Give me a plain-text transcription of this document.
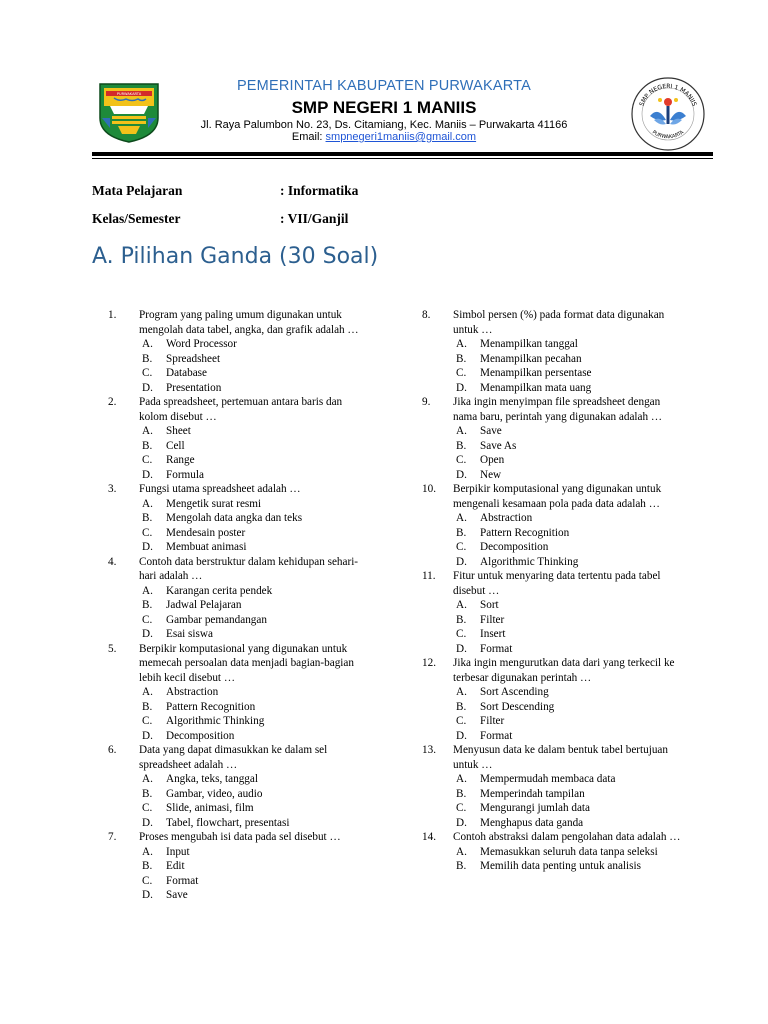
PURWAKARTA	PEMERINTAH KABUPATEN PURWAKARTA
SMP NEGERI 1 MANIIS
Jl. Raya Palumbon No. 23, Ds. Citamiang, Kec. Maniis – Purwakarta 41166
Email: smpnegeri1maniis@gmail.com
SMP NEGERI 1 MANIIS
PURWAKARTA
Mata Pelajaran	: Informatika
Kelas/Semester	: VII/Ganjil
A. Pilihan Ganda (30 Soal)
1.	Program yang paling umum digunakan untuk mengolah data tabel, angka, dan grafik adalah …
A.	Word Processor
B.	Spreadsheet
C.	Database
D.	Presentation
2.	Pada spreadsheet, pertemuan antara baris dan kolom disebut …
A.	Sheet
B.	Cell
C.	Range
D.	Formula
3.	Fungsi utama spreadsheet adalah …
A.	Mengetik surat resmi
B.	Mengolah data angka dan teks
C.	Mendesain poster
D.	Membuat animasi
4.	Contoh data berstruktur dalam kehidupan sehari-hari adalah …
A.	Karangan cerita pendek
B.	Jadwal Pelajaran
C.	Gambar pemandangan
D.	Esai siswa
5.	Berpikir komputasional yang digunakan untuk memecah persoalan data menjadi bagian-bagian lebih kecil disebut …
A.	Abstraction
B.	Pattern Recognition
C.	Algorithmic Thinking
D.	Decomposition
6.	Data yang dapat dimasukkan ke dalam sel spreadsheet adalah …
A.	Angka, teks, tanggal
B.	Gambar, video, audio
C.	Slide, animasi, film
D.	Tabel, flowchart, presentasi
7.	Proses mengubah isi data pada sel disebut …
A.	Input
B.	Edit
C.	Format
D.	Save
8.	Simbol persen (%) pada format data digunakan untuk …
A.	Menampilkan tanggal
B.	Menampilkan pecahan
C.	Menampilkan persentase
D.	Menampilkan mata uang
9.	Jika ingin menyimpan file spreadsheet dengan nama baru, perintah yang digunakan adalah …
A.	Save
B.	Save As
C.	Open
D.	New
10.	Berpikir komputasional yang digunakan untuk mengenali kesamaan pola pada data adalah …
A.	Abstraction
B.	Pattern Recognition
C.	Decomposition
D.	Algorithmic Thinking
11.	Fitur untuk menyaring data tertentu pada tabel disebut …
A.	Sort
B.	Filter
C.	Insert
D.	Format
12.	Jika ingin mengurutkan data dari yang terkecil ke terbesar digunakan perintah …
A.	Sort Ascending
B.	Sort Descending
C.	Filter
D.	Format
13.	Menyusun data ke dalam bentuk tabel bertujuan untuk …
A.	Mempermudah membaca data
B.	Memperindah tampilan
C.	Mengurangi jumlah data
D.	Menghapus data ganda
14.	Contoh abstraksi dalam pengolahan data adalah …
A.	Memasukkan seluruh data tanpa seleksi
B.	Memilih data penting untuk analisis
